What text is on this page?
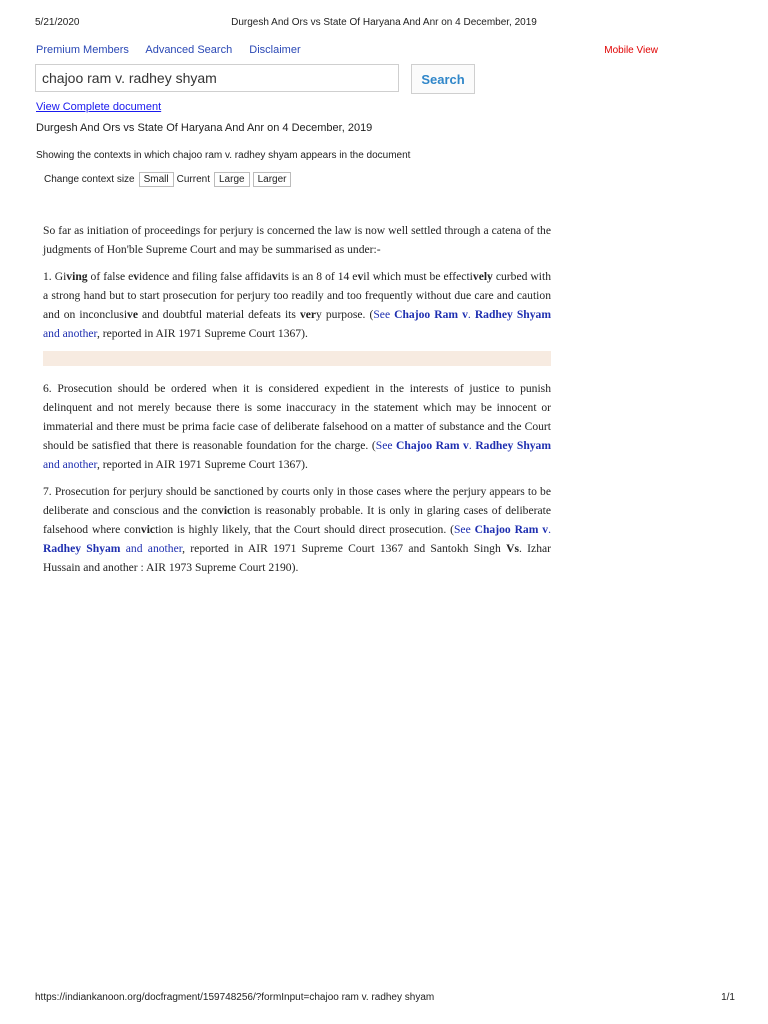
5/21/2020	Durgesh And Ors vs State Of Haryana And Anr on 4 December, 2019
Premium Members Advanced Search Disclaimer	Mobile View
chajoo ram v. radhey shyam
Search
View Complete document
Durgesh And Ors vs State Of Haryana And Anr on 4 December, 2019
Showing the contexts in which chajoo ram v. radhey shyam appears in the document
Change context size Small Current Large	Larger

So far as initiation of proceedings for perjury is concerned the law is now well settled through a catena of the judgments of Hon'ble Supreme Court and may be summarised as under:-

1. Giving of false evidence and filing false affidavits is an 8 of 14 evil which must be effectively curbed with a strong hand but to start prosecution for perjury too readily and too frequently without due care and caution and on inconclusive and doubtful material defeats its very purpose. (See Chajoo Ram v. Radhey Shyam and another, reported in AIR 1971 Supreme Court 1367).

6. Prosecution should be ordered when it is considered expedient in the interests of justice to punish delinquent and not merely because there is some inaccuracy in the statement which may be innocent or immaterial and there must be prima facie case of deliberate falsehood on a matter of substance and the Court should be satisfied that there is reasonable foundation for the charge. (See Chajoo Ram v. Radhey Shyam and another, reported in AIR 1971 Supreme Court 1367).

7. Prosecution for perjury should be sanctioned by courts only in those cases where the perjury appears to be deliberate and conscious and the conviction is reasonably probable. It is only in glaring cases of deliberate falsehood where conviction is highly likely, that the Court should direct prosecution. (See Chajoo Ram v. Radhey Shyam and another, reported in AIR 1971 Supreme Court 1367 and Santokh Singh Vs. Izhar Hussain and another : AIR 1973 Supreme Court 2190).

https://indiankanoon.org/docfragment/159748256/?formInput=chajoo ram v. radhey shyam	1/1
